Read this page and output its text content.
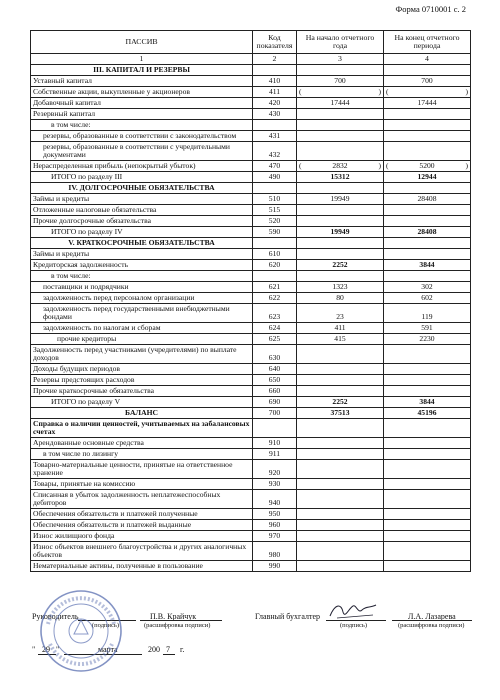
Форма 0710001 с. 2
ПАССИВ	Код показателя	На начало отчетного года	На конец отчетного периода
1	2	3	4
III. КАПИТАЛ И РЕЗЕРВЫ			
Уставный капитал	410	700	700
Собственные акции, выкупленные у акционеров	411	( )	( )

Добавочный капитал	420	17444	17444
Резервный капитал	430		
в том числе:			
резервы, образованные в соответствии с законодательством	431		
резервы, образованные в соответствии с учредительными документами	432		
Нераспределенная прибыль (непокрытый убыток)	470	( 2832 )	( 5200 )

ИТОГО по разделу III	490	15312	12944
IV. ДОЛГОСРОЧНЫЕ ОБЯЗАТЕЛЬСТВА			
Займы и кредиты	510	19949	28408
Отложенные налоговые обязательства	515		
Прочие долгосрочные обязательства	520		
ИТОГО по разделу IV	590	19949	28408
V. КРАТКОСРОЧНЫЕ ОБЯЗАТЕЛЬСТВА			
Займы и кредиты	610		
Кредиторская задолженность	620	2252	3844
в том числе:			
поставщики и подрядчики	621	1323	302
задолженность перед персоналом организации	622	80	602
задолженность перед государственными внебюджетными фондами	623	23	119
задолженность по налогам и сборам	624	411	591
прочие кредиторы	625	415	2230
Задолженность перед участниками (учредителями) по выплате доходов	630		
Доходы будущих периодов	640		
Резервы предстоящих расходов	650		
Прочие краткосрочные обязательства	660		
ИТОГО по разделу V	690	2252	3844
БАЛАНС	700	37513	45196
Справка о наличии ценностей, учитываемых на забалансовых счетах			
Арендованные основные средства	910		
в том числе по лизингу	911		
Товарно-материальные ценности, принятые на ответственное хранение	920		
Товары, принятые на комиссию	930		
Списанная в убыток задолженность неплатежеспособных дебиторов	940		
Обеспечения обязательств и платежей полученные	950		
Обеспечения обязательств и платежей выданные	960		
Износ жилищного фонда	970		
Износ объектов внешнего благоустройства и других аналогичных объектов	980		
Нематериальные активы, полученные в пользование	990		
Руководитель	П.В. Крайчук
(подпись)	(расшифровка подписи)
Главный бухгалтер	Л.А. Лазарева
(подпись)	(расшифровка подписи)
" 29 "	марта	200 7 г.
